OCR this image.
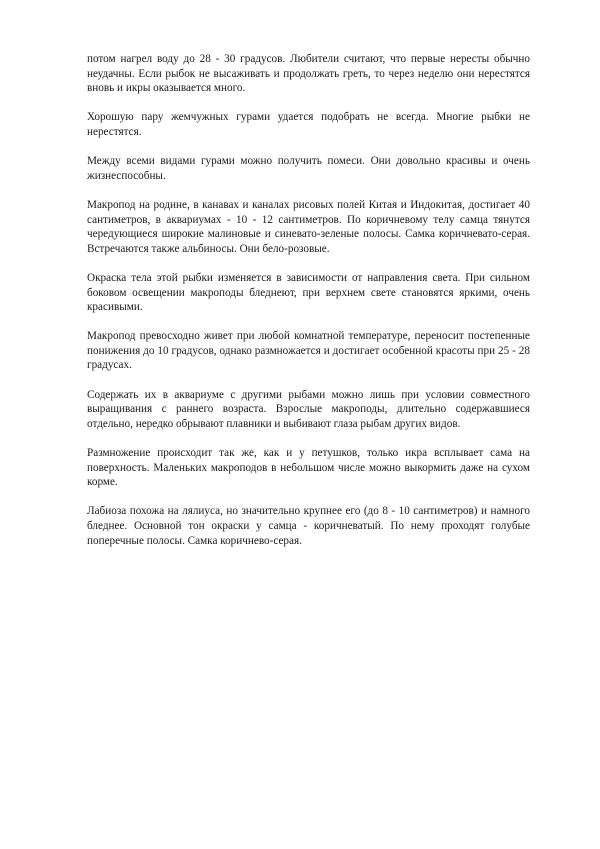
потом нагрел воду до 28 - 30 градусов. Любители считают, что первые нересты обычно неудачны. Если рыбок не высаживать и продолжать греть, то через неделю они нерестятся вновь и икры оказывается много.

Хорошую пару жемчужных гурами удается подобрать не всегда. Многие рыбки не нерестятся.

Между всеми видами гурами можно получить помеси. Они довольно красивы и очень жизнеспособны.

Макропод на родине, в канавах и каналах рисовых полей Китая и Индокитая, достигает 40 сантиметров, в аквариумах - 10 - 12 сантиметров. По коричневому телу самца тянутся чередующиеся широкие малиновые и синевато-зеленые полосы. Самка коричневато-серая. Встречаются также альбиносы. Они бело-розовые.

Окраска тела этой рыбки изменяется в зависимости от направления света. При сильном боковом освещении макроподы бледнеют, при верхнем свете становятся яркими, очень красивыми.

Макропод превосходно живет при любой комнатной температуре, переносит постепенные понижения до 10 градусов, однако размножается и достигает особенной красоты при 25 - 28 градусах.

Содержать их в аквариуме с другими рыбами можно лишь при условии совместного выращивания с раннего возраста. Взрослые макроподы, длительно содержавшиеся отдельно, нередко обрывают плавники и выбивают глаза рыбам других видов.

Размножение происходит так же, как и у петушков, только икра всплывает сама на поверхность. Маленьких макроподов в небольшом числе можно выкормить даже на сухом корме.

Лабиоза похожа на лялиуса, но значительно крупнее его (до 8 - 10 сантиметров) и намного бледнее. Основной тон окраски у самца - коричневатый. По нему проходят голубые поперечные полосы. Самка коричнево-серая.
